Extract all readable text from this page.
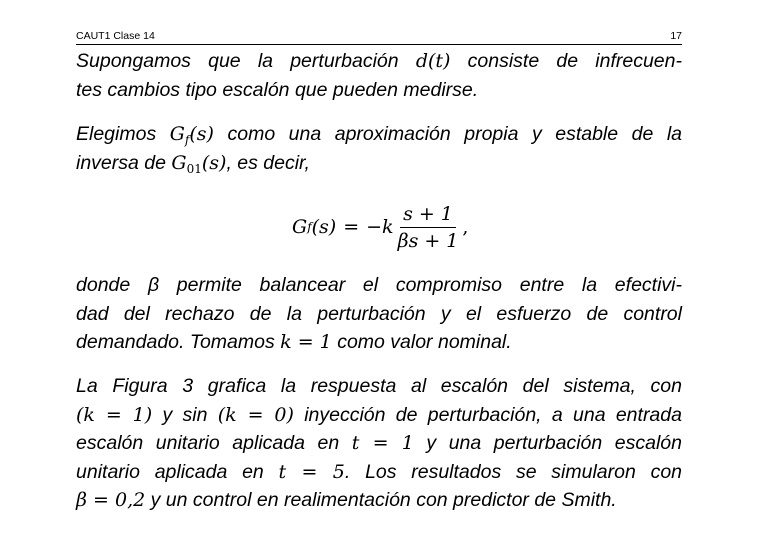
CAUT1 Clase 14	17
Supongamos que la perturbación d(t) consiste de infrecuen-
tes cambios tipo escalón que pueden medirse.
Elegimos $G_f(s)$ como una aproximación propia y estable de la
inversa de $G_{01}(s)$, es decir,
G f $(s) = -k \frac{s + 1}{\beta s + 1}$ ,
donde β permite balancear el compromiso entre la efectivi-
dad del rechazo de la perturbación y el esfuerzo de control
demandado. Tomamos k = 1 como valor nominal.
La Figura 3 grafica la respuesta al escalón del sistema, con
(k = 1) y sin (k = 0) inyección de perturbación, a una entrada
escalón unitario aplicada en t = 1 y una perturbación escalón
unitario aplicada en t = 5. Los resultados se simularon con
β = 0,2 y un control en realimentación con predictor de Smith.
